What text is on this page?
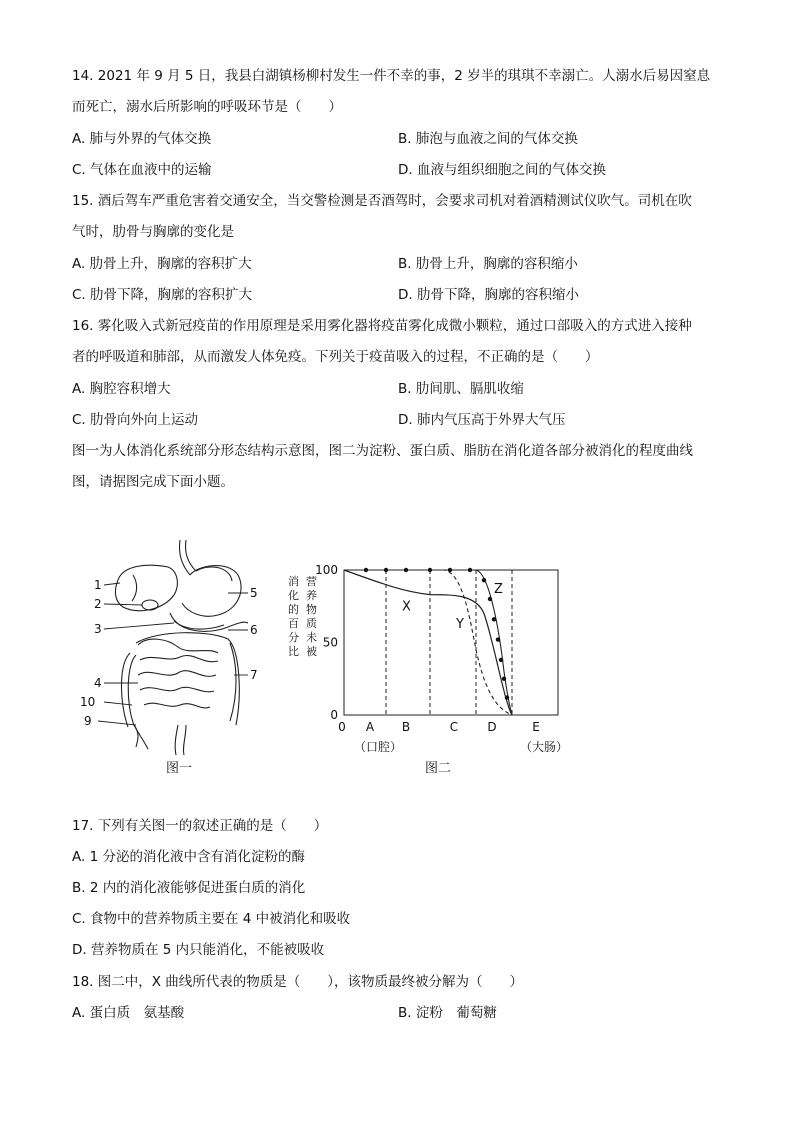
14. 2021 年 9 月 5 日，我县白湖镇杨柳村发生一件不幸的事，2 岁半的琪琪不幸溺亡。人溺水后易因窒息
而死亡，溺水后所影响的呼吸环节是（　　）
A. 肺与外界的气体交换	B. 肺泡与血液之间的气体交换
C. 气体在血液中的运输	D. 血液与组织细胞之间的气体交换
15. 酒后驾车严重危害着交通安全，当交警检测是否酒驾时，会要求司机对着酒精测试仪吹气。司机在吹
气时，肋骨与胸廓的变化是
A. 肋骨上升，胸廓的容积扩大	B. 肋骨上升，胸廓的容积缩小
C. 肋骨下降，胸廓的容积扩大	D. 肋骨下降，胸廓的容积缩小
16. 雾化吸入式新冠疫苗的作用原理是采用雾化器将疫苗雾化成微小颗粒，通过口部吸入的方式进入接种
者的呼吸道和肺部，从而激发人体免疫。下列关于疫苗吸入的过程，不正确的是（　　）
A. 胸腔容积增大	B. 肋间肌、膈肌收缩
C. 肋骨向外向上运动	D. 肺内气压高于外界大气压
图一为人体消化系统部分形态结构示意图，图二为淀粉、蛋白质、脂肪在消化道各部分被消化的程度曲线
图，请据图完成下面小题。
1
2
3
4
10
9
5
6
7
图一
营养物质未被
消化的百分比
0
50
100
0 A B	C D	E
（口腔）	（大肠）
X
Y
Z
图二
17. 下列有关图一的叙述正确的是（　　）
A. 1 分泌的消化液中含有消化淀粉的酶
B. 2 内的消化液能够促进蛋白质的消化
C. 食物中的营养物质主要在 4 中被消化和吸收
D. 营养物质在 5 内只能消化，不能被吸收
18. 图二中，X 曲线所代表的物质是（　　），该物质最终被分解为（　　）
A. 蛋白质　氨基酸	B. 淀粉　葡萄糖
